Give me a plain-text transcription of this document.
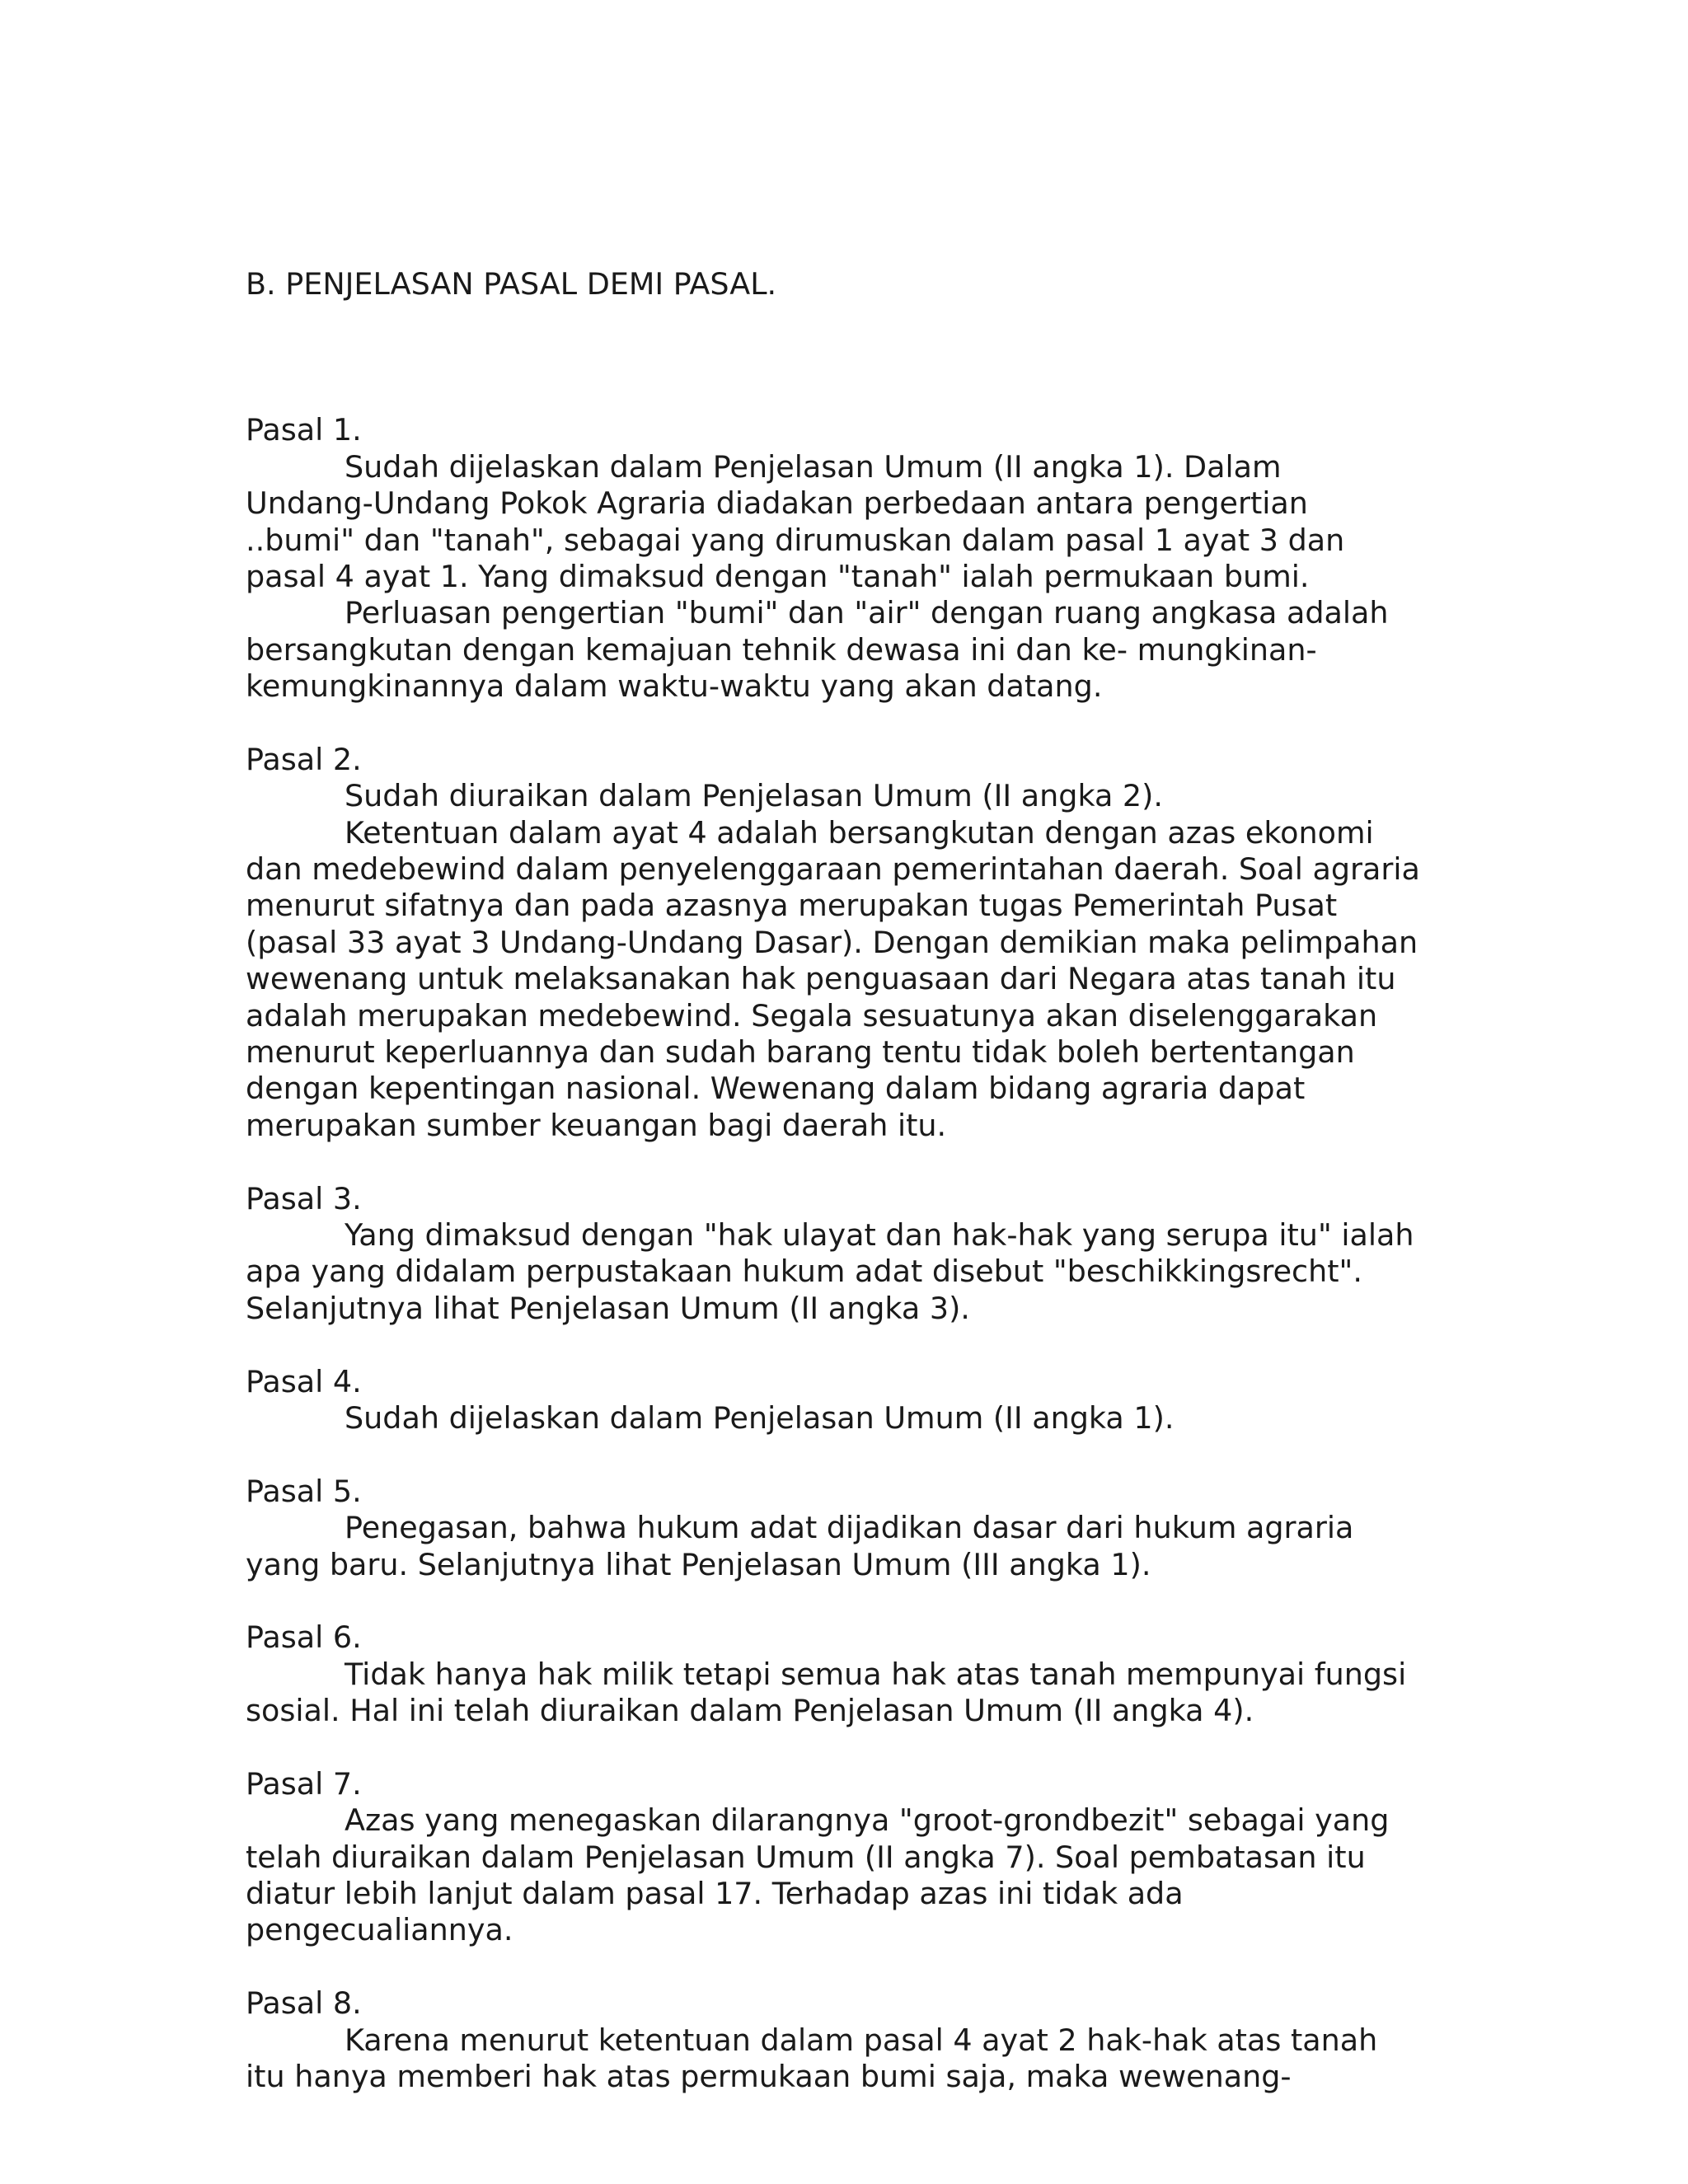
B. PENJELASAN PASAL DEMI PASAL.

Pasal 1.
Sudah dijelaskan dalam Penjelasan Umum (II angka 1). Dalam
Undang-Undang Pokok Agraria diadakan perbedaan antara pengertian
..bumi" dan "tanah", sebagai yang dirumuskan dalam pasal 1 ayat 3 dan
pasal 4 ayat 1. Yang dimaksud dengan "tanah" ialah permukaan bumi.
Perluasan pengertian "bumi" dan "air" dengan ruang angkasa adalah
bersangkutan dengan kemajuan tehnik dewasa ini dan ke- mungkinan-
kemungkinannya dalam waktu-waktu yang akan datang.
Pasal 2.
Sudah diuraikan dalam Penjelasan Umum (II angka 2).
Ketentuan dalam ayat 4 adalah bersangkutan dengan azas ekonomi
dan medebewind dalam penyelenggaraan pemerintahan daerah. Soal agraria
menurut sifatnya dan pada azasnya merupakan tugas Pemerintah Pusat
(pasal 33 ayat 3 Undang-Undang Dasar). Dengan demikian maka pelimpahan
wewenang untuk melaksanakan hak penguasaan dari Negara atas tanah itu
adalah merupakan medebewind. Segala sesuatunya akan diselenggarakan
menurut keperluannya dan sudah barang tentu tidak boleh bertentangan
dengan kepentingan nasional. Wewenang dalam bidang agraria dapat
merupakan sumber keuangan bagi daerah itu.
Pasal 3.
Yang dimaksud dengan "hak ulayat dan hak-hak yang serupa itu" ialah
apa yang didalam perpustakaan hukum adat disebut "beschikkingsrecht".
Selanjutnya lihat Penjelasan Umum (II angka 3).
Pasal 4.
Sudah dijelaskan dalam Penjelasan Umum (II angka 1).
Pasal 5.
Penegasan, bahwa hukum adat dijadikan dasar dari hukum agraria
yang baru. Selanjutnya lihat Penjelasan Umum (III angka 1).
Pasal 6.
Tidak hanya hak milik tetapi semua hak atas tanah mempunyai fungsi
sosial. Hal ini telah diuraikan dalam Penjelasan Umum (II angka 4).
Pasal 7.
Azas yang menegaskan dilarangnya "groot-grondbezit" sebagai yang
telah diuraikan dalam Penjelasan Umum (II angka 7). Soal pembatasan itu
diatur lebih lanjut dalam pasal 17. Terhadap azas ini tidak ada
pengecualiannya.
Pasal 8.
Karena menurut ketentuan dalam pasal 4 ayat 2 hak-hak atas tanah
itu hanya memberi hak atas permukaan bumi saja, maka wewenang-
